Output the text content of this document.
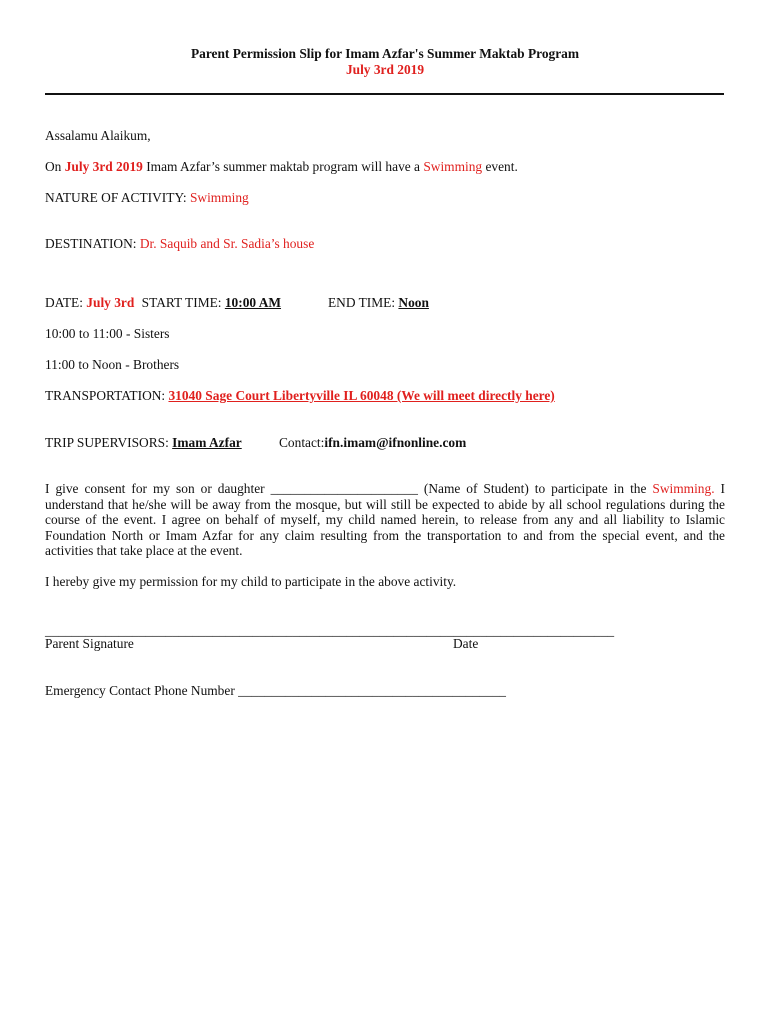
Parent Permission Slip for Imam Azfar's Summer Maktab Program
July 3rd 2019
Assalamu Alaikum,
On July 3rd 2019 Imam Azfar’s summer maktab program will have a Swimming event.
NATURE OF ACTIVITY: Swimming
DESTINATION: Dr. Saquib and Sr. Sadia’s house
DATE: July 3rd START TIME: 10:00 AM	END TIME: Noon
10:00 to 11:00 - Sisters
11:00 to Noon - Brothers
TRANSPORTATION: 31040 Sage Court Libertyville IL 60048 (We will meet directly here)
TRIP SUPERVISORS: Imam Azfar	Contact:ifn.imam@ifnonline.com
I give consent for my son or daughter ______________________ (Name of Student) to participate in the Swimming. I understand that he/she will be away from the mosque, but will still be expected to abide by all school regulations during the course of the event. I agree on behalf of myself, my child named herein, to release from any and all liability to Islamic Foundation North or Imam Azfar for any claim resulting from the transportation to and from the special event, and the activities that take place at the event.
I hereby give my permission for my child to participate in the above activity.
_____________________________________________________________________________________
Parent Signature	Date
Emergency Contact Phone Number ________________________________________
